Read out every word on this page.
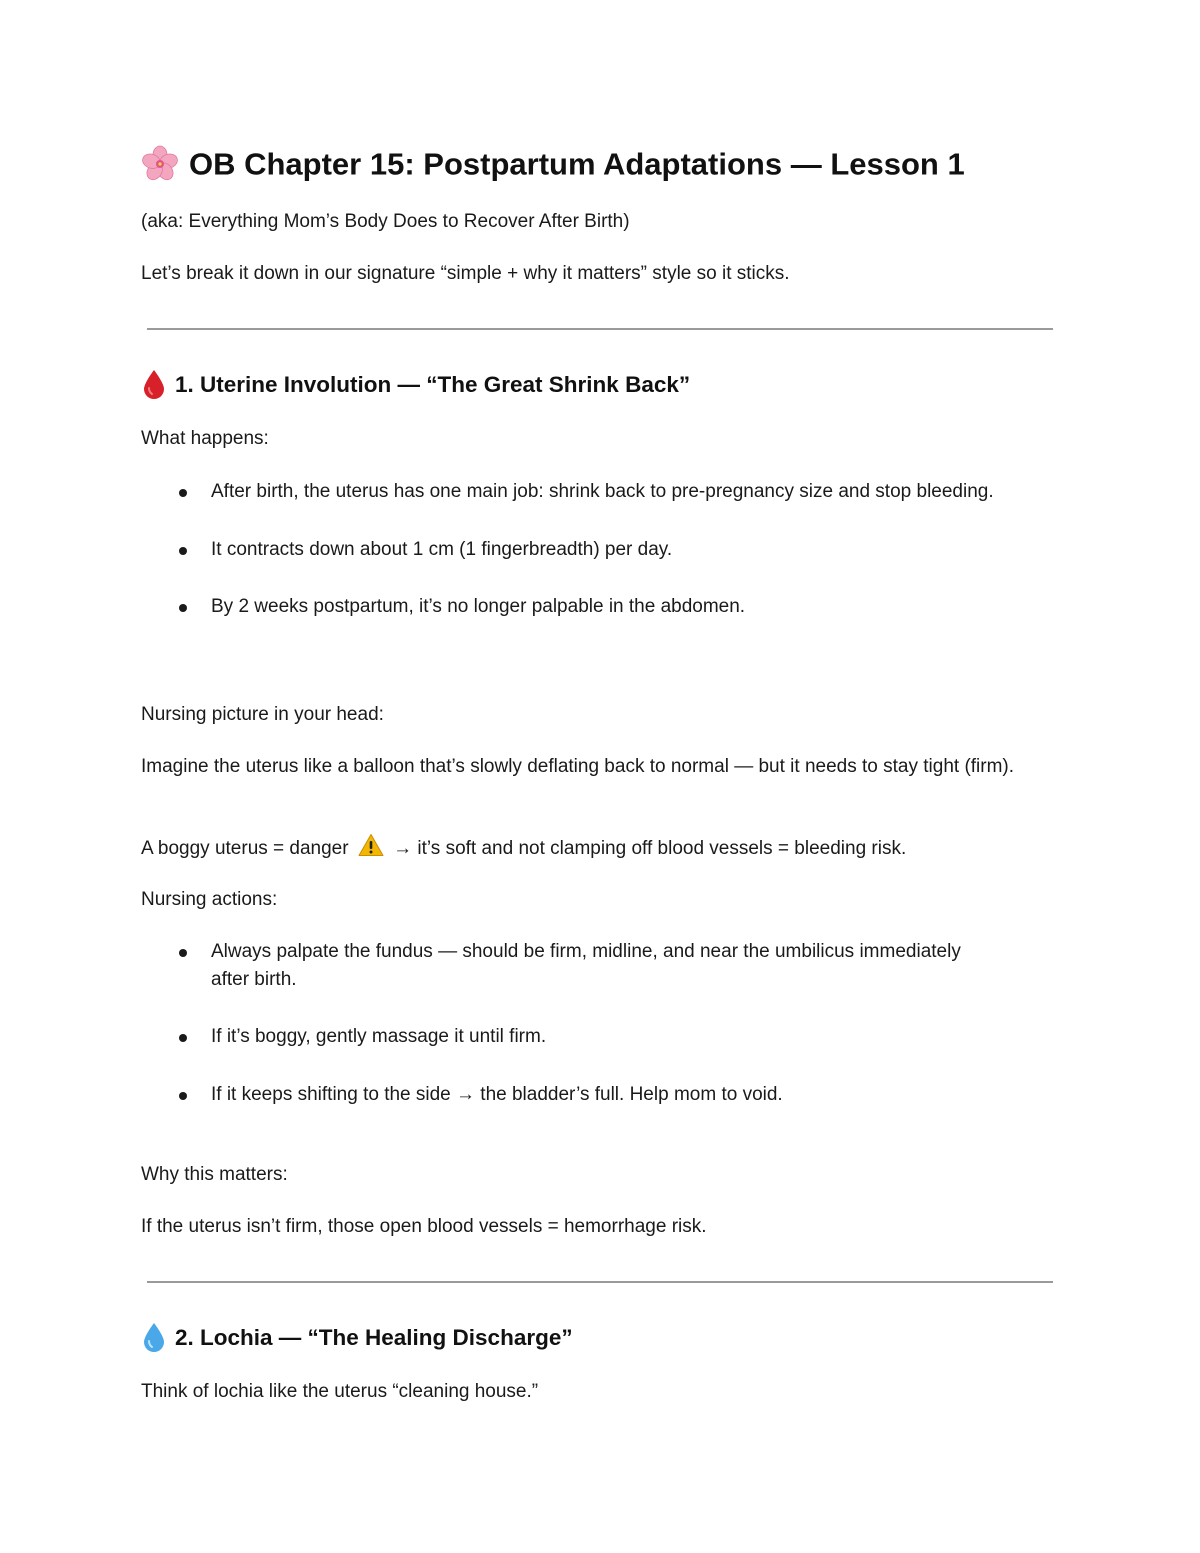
OB Chapter 15: Postpartum Adaptations — Lesson 1
(aka: Everything Mom’s Body Does to Recover After Birth)
Let’s break it down in our signature “simple + why it matters” style so it sticks.
1. Uterine Involution — “The Great Shrink Back”
What happens:
After birth, the uterus has one main job: shrink back to pre-pregnancy size and stop bleeding.
It contracts down about 1 cm (1 fingerbreadth) per day.
By 2 weeks postpartum, it’s no longer palpable in the abdomen.
Nursing picture in your head:
Imagine the uterus like a balloon that’s slowly deflating back to normal — but it needs to stay tight (firm).
A boggy uterus = danger → it’s soft and not clamping off blood vessels = bleeding risk.
Nursing actions:
Always palpate the fundus — should be firm, midline, and near the umbilicus immediately after birth.
If it’s boggy, gently massage it until firm.
If it keeps shifting to the side → the bladder’s full. Help mom to void.
Why this matters:
If the uterus isn’t firm, those open blood vessels = hemorrhage risk.
2. Lochia — “The Healing Discharge”
Think of lochia like the uterus “cleaning house.”
